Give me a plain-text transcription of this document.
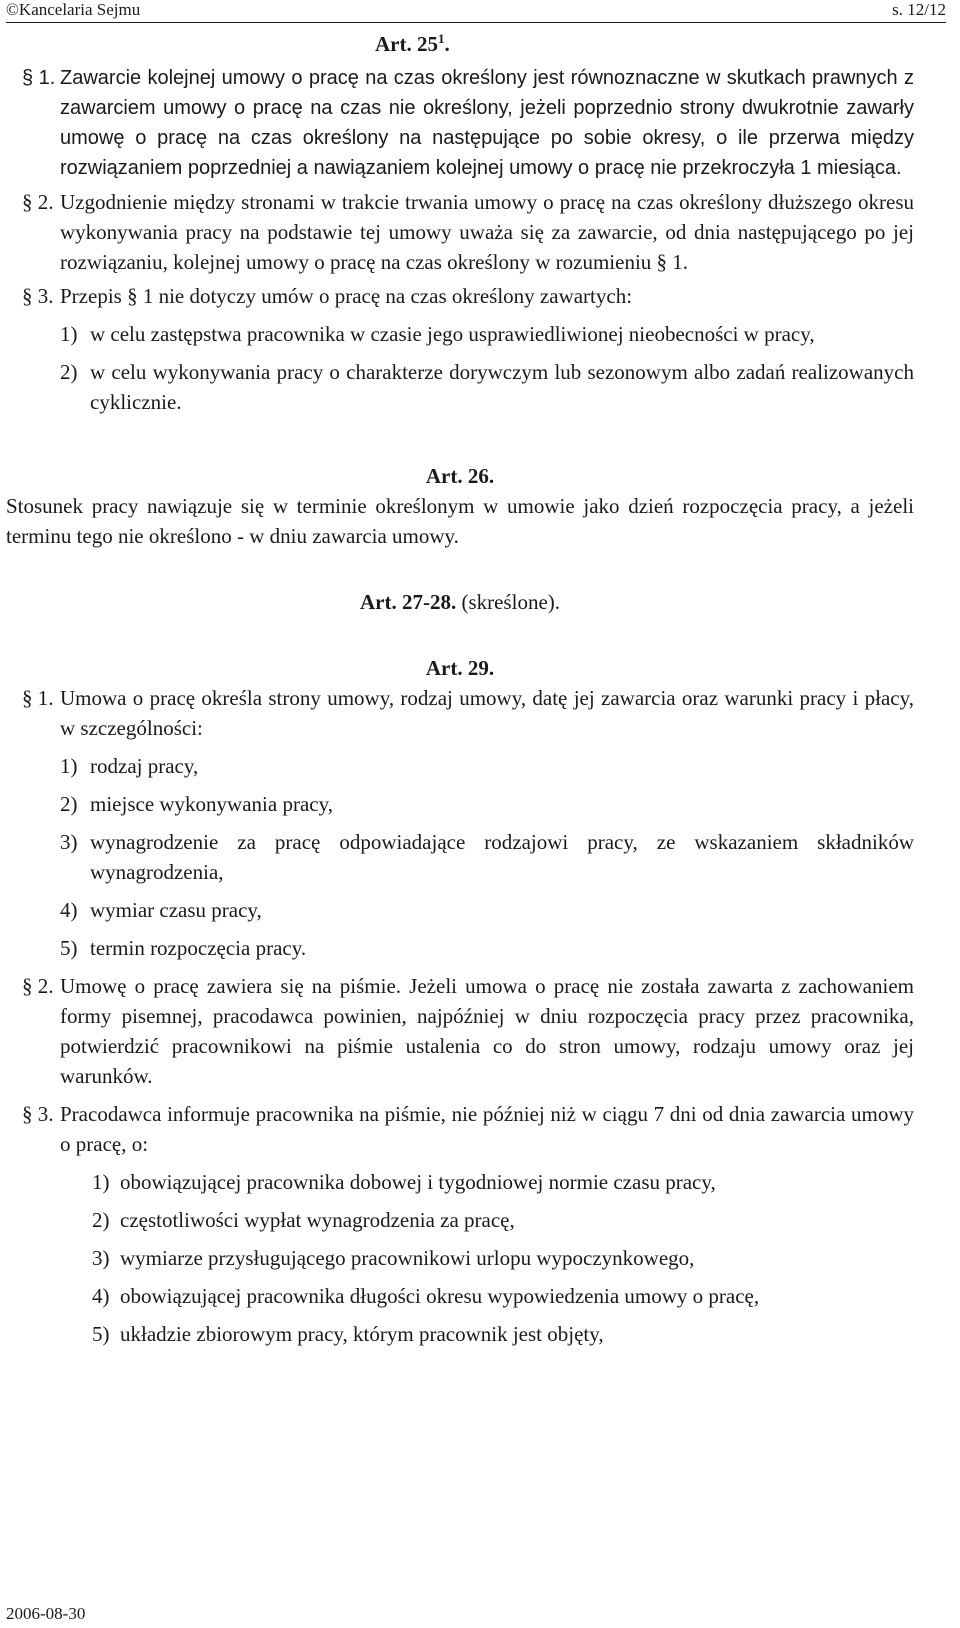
©Kancelaria Sejmu	s. 12/12

Art. $25^1$.

§ 1. Zawarcie kolejnej umowy o pracę na czas określony jest równoznaczne w skutkach prawnych z zawarciem umowy o pracę na czas nie określony, jeżeli poprzednio strony dwukrotnie zawarły umowę o pracę na czas określony na następujące po sobie okresy, o ile przerwa między rozwiązaniem poprzedniej a nawiązaniem kolejnej umowy o pracę nie przekroczyła 1 miesiąca.
§ 2. Uzgodnienie między stronami w trakcie trwania umowy o pracę na czas określony dłuższego okresu wykonywania pracy na podstawie tej umowy uważa się za zawarcie, od dnia następującego po jej rozwiązaniu, kolejnej umowy o pracę na czas określony w rozumieniu § 1.
§ 3. Przepis § 1 nie dotyczy umów o pracę na czas określony zawartych:
1) w celu zastępstwa pracownika w czasie jego usprawiedliwionej nieobecności w pracy,
2) w celu wykonywania pracy o charakterze dorywczym lub sezonowym albo zadań realizowanych cyklicznie.

Art. 26.

Stosunek pracy nawiązuje się w terminie określonym w umowie jako dzień rozpoczęcia pracy, a jeżeli terminu tego nie określono - w dniu zawarcia umowy.

Art. 27-28. (skreślone).

Art. 29.

§ 1. Umowa o pracę określa strony umowy, rodzaj umowy, datę jej zawarcia oraz warunki pracy i płacy, w szczególności:
1) rodzaj pracy,
2) miejsce wykonywania pracy,
3) wynagrodzenie za pracę odpowiadające rodzajowi pracy, ze wskazaniem składników wynagrodzenia,
4) wymiar czasu pracy,
5) termin rozpoczęcia pracy.
§ 2. Umowę o pracę zawiera się na piśmie. Jeżeli umowa o pracę nie została zawarta z zachowaniem formy pisemnej, pracodawca powinien, najpóźniej w dniu rozpoczęcia pracy przez pracownika, potwierdzić pracownikowi na piśmie ustalenia co do stron umowy, rodzaju umowy oraz jej warunków.
§ 3. Pracodawca informuje pracownika na piśmie, nie później niż w ciągu 7 dni od dnia zawarcia umowy o pracę, o:
1) obowiązującej pracownika dobowej i tygodniowej normie czasu pracy,
2) częstotliwości wypłat wynagrodzenia za pracę,
3) wymiarze przysługującego pracownikowi urlopu wypoczynkowego,
4) obowiązującej pracownika długości okresu wypowiedzenia umowy o pracę,
5) układzie zbiorowym pracy, którym pracownik jest objęty,
2006-08-30
